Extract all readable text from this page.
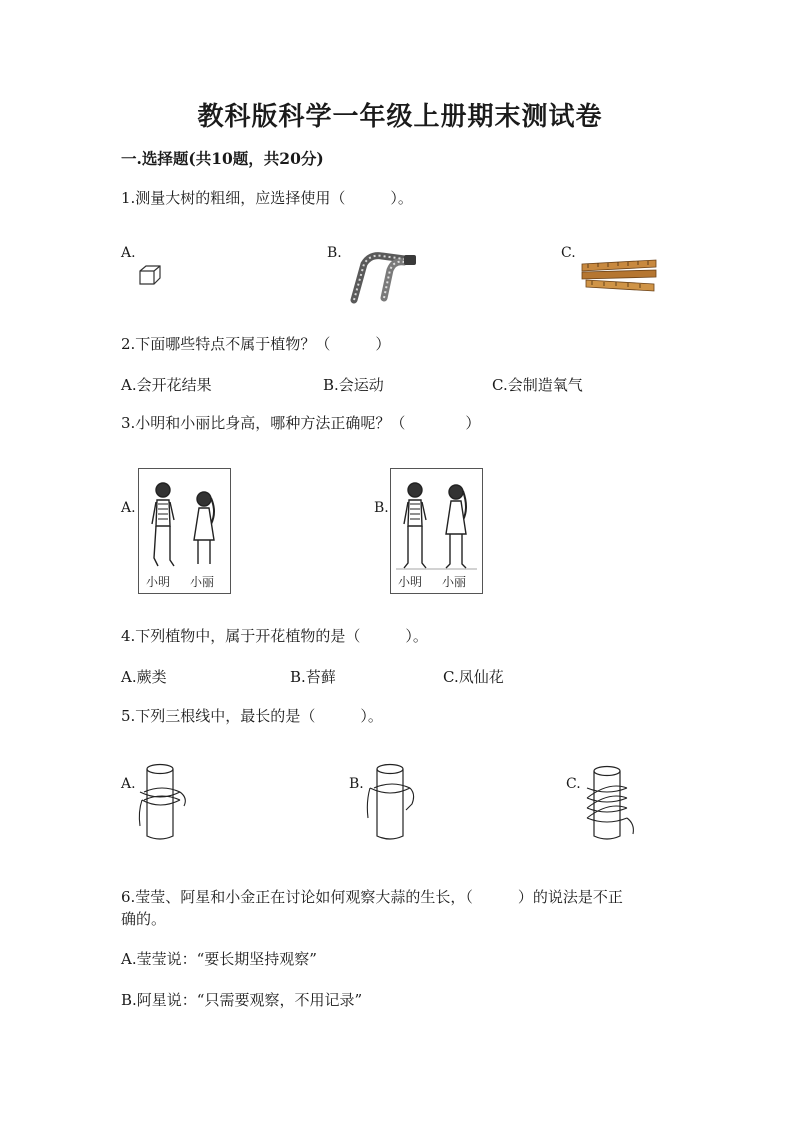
教科版科学一年级上册期末测试卷
一.选择题(共10题，共20分)
1.测量大树的粗细，应选择使用（　　　）。
A.	B.	C.
2.下面哪些特点不属于植物？（　　　）
A.会开花结果	B.会运动	C.会制造氧气
3.小明和小丽比身高，哪种方法正确呢？（　　　　）
A.
小明 小丽
B.
小明 小丽
4.下列植物中，属于开花植物的是（　　　）。
A.蕨类	B.苔藓	C.凤仙花
5.下列三根线中，最长的是（　　　）。
A.	B.	C.
6.莹莹、阿星和小金正在讨论如何观察大蒜的生长，（　　　）的说法是不正
确的。
A.莹莹说：“要长期坚持观察”
B.阿星说：“只需要观察，不用记录”
